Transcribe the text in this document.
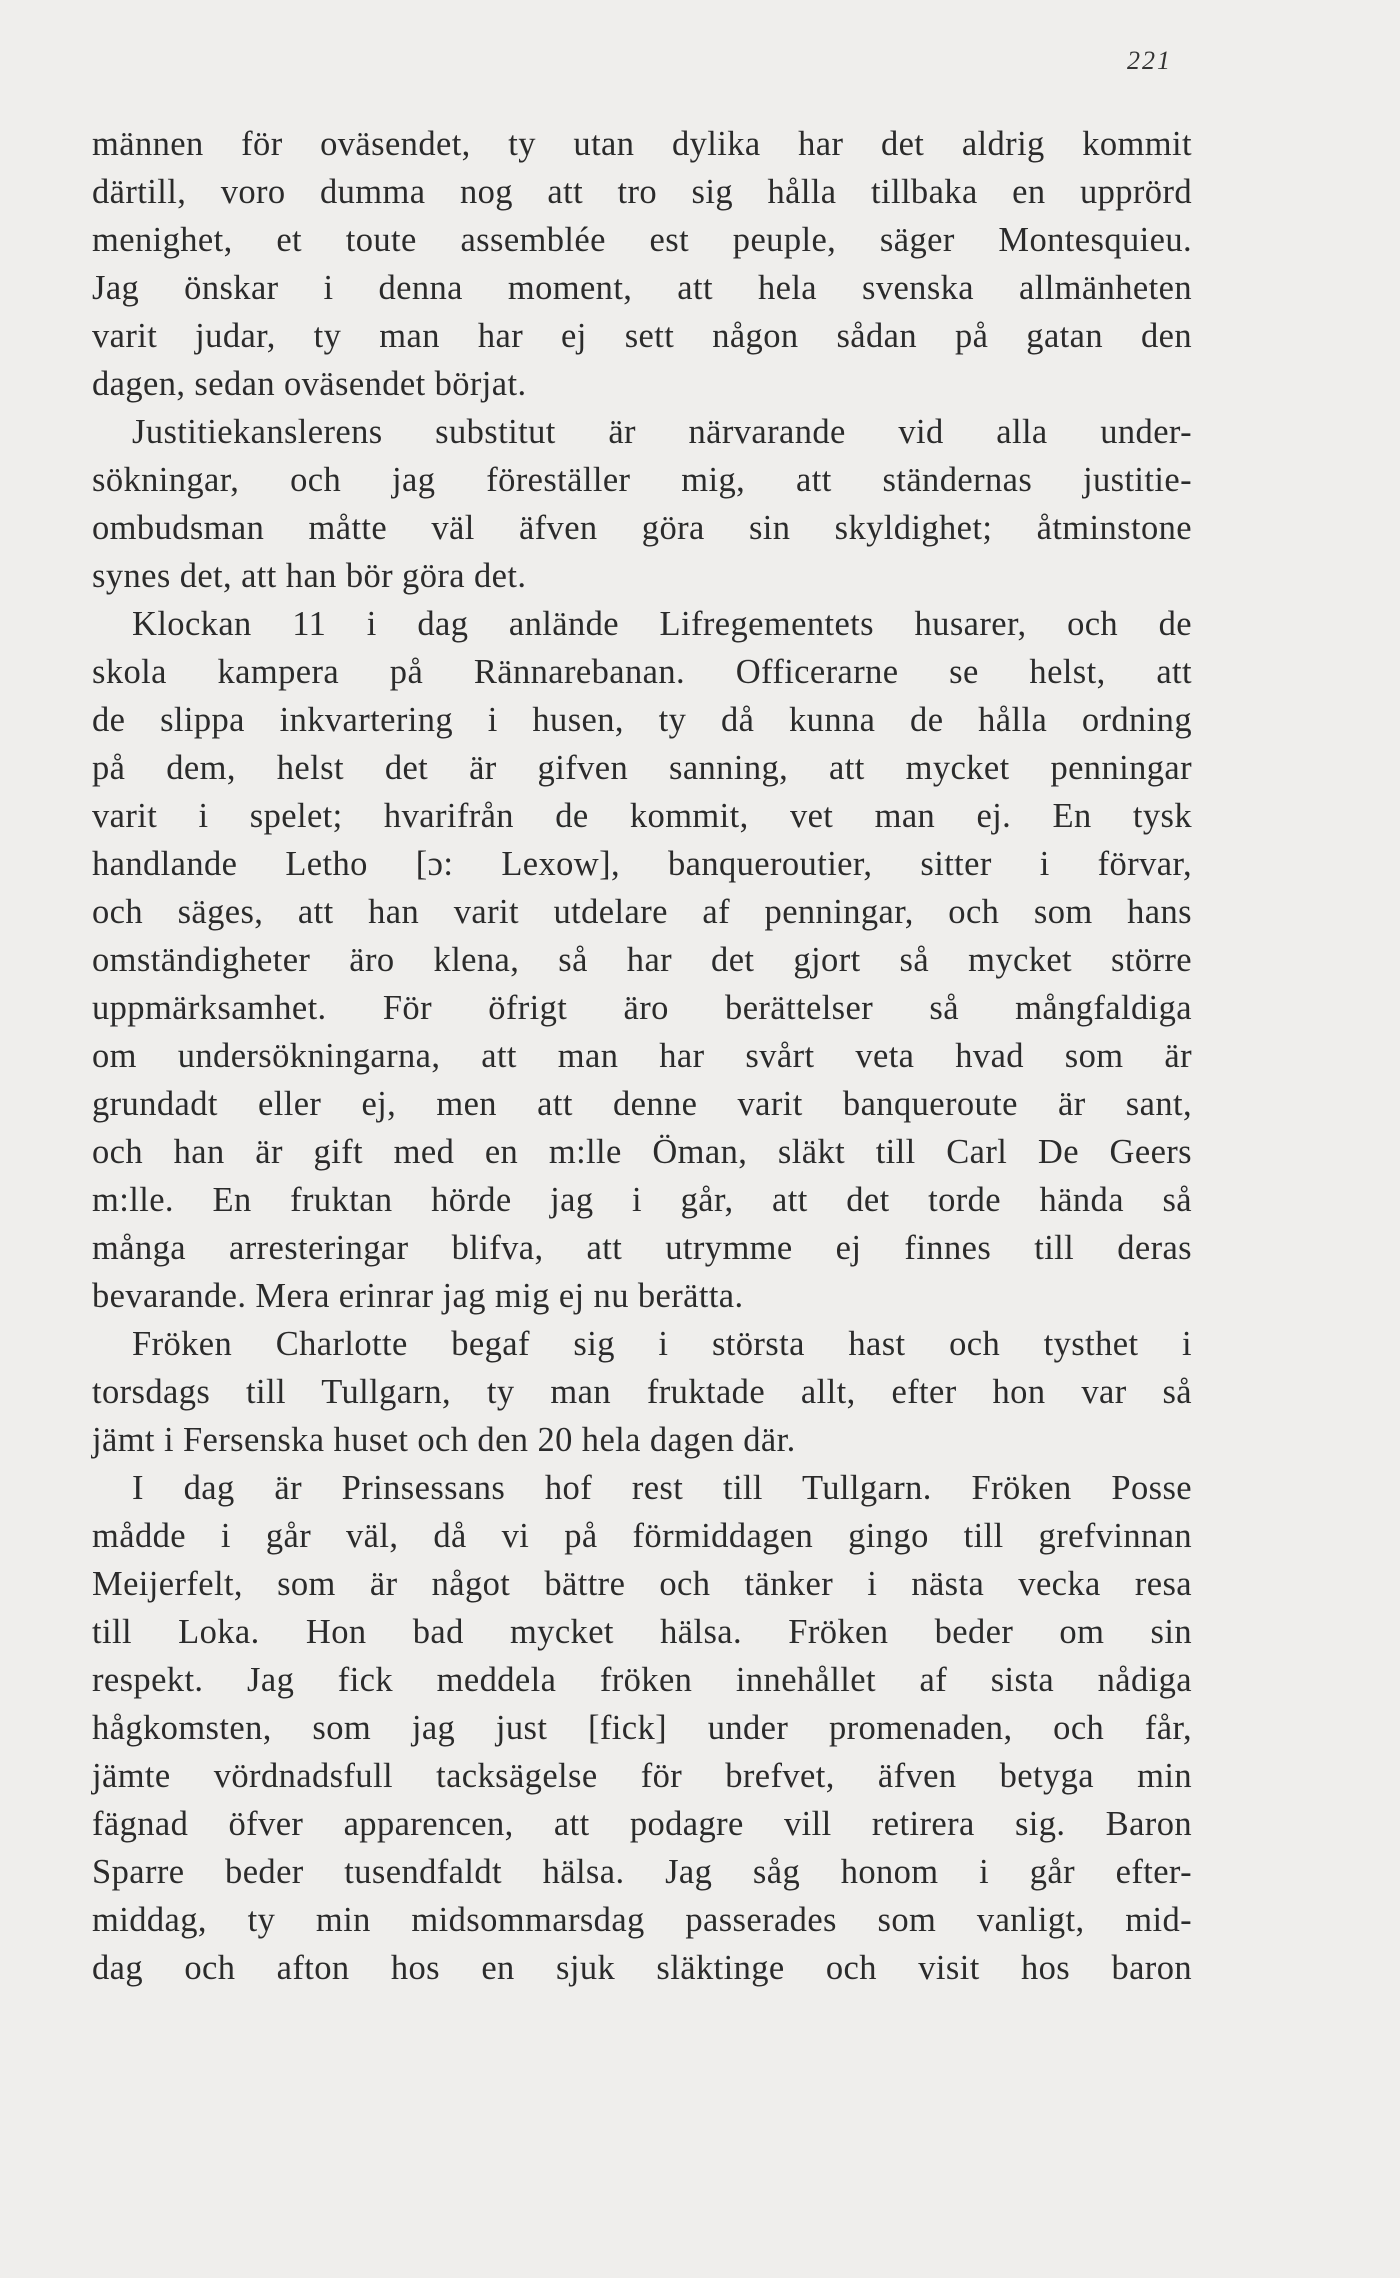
221
männen för oväsendet, ty utan dylika har det aldrig kommit
därtill, voro dumma nog att tro sig hålla tillbaka en upprörd
menighet, et toute assemblée est peuple, säger Montesquieu.
Jag önskar i denna moment, att hela svenska allmänheten
varit judar, ty man har ej sett någon sådan på gatan den
dagen, sedan oväsendet börjat.
Justitiekanslerens substitut är närvarande vid alla under-
sökningar, och jag föreställer mig, att ständernas justitie-
ombudsman måtte väl äfven göra sin skyldighet; åtminstone
synes det, att han bör göra det.
Klockan 11 i dag anlände Lifregementets husarer, och de
skola kampera på Rännarebanan. Officerarne se helst, att
de slippa inkvartering i husen, ty då kunna de hålla ordning
på dem, helst det är gifven sanning, att mycket penningar
varit i spelet; hvarifrån de kommit, vet man ej. En tysk
handlande Letho [ɔ: Lexow], banqueroutier, sitter i förvar,
och säges, att han varit utdelare af penningar, och som hans
omständigheter äro klena, så har det gjort så mycket större
uppmärksamhet. För öfrigt äro berättelser så mångfaldiga
om undersökningarna, att man har svårt veta hvad som är
grundadt eller ej, men att denne varit banqueroute är sant,
och han är gift med en m:lle Öman, släkt till Carl De Geers
m:lle. En fruktan hörde jag i går, att det torde hända så
många arresteringar blifva, att utrymme ej finnes till deras
bevarande. Mera erinrar jag mig ej nu berätta.
Fröken Charlotte begaf sig i största hast och tysthet i
torsdags till Tullgarn, ty man fruktade allt, efter hon var så
jämt i Fersenska huset och den 20 hela dagen där.
I dag är Prinsessans hof rest till Tullgarn. Fröken Posse
mådde i går väl, då vi på förmiddagen gingo till grefvinnan
Meijerfelt, som är något bättre och tänker i nästa vecka resa
till Loka. Hon bad mycket hälsa. Fröken beder om sin
respekt. Jag fick meddela fröken innehållet af sista nådiga
hågkomsten, som jag just [fick] under promenaden, och får,
jämte vördnadsfull tacksägelse för brefvet, äfven betyga min
fägnad öfver apparencen, att podagre vill retirera sig. Baron
Sparre beder tusendfaldt hälsa. Jag såg honom i går efter-
middag, ty min midsommarsdag passerades som vanligt, mid-
dag och afton hos en sjuk släktinge och visit hos baron
